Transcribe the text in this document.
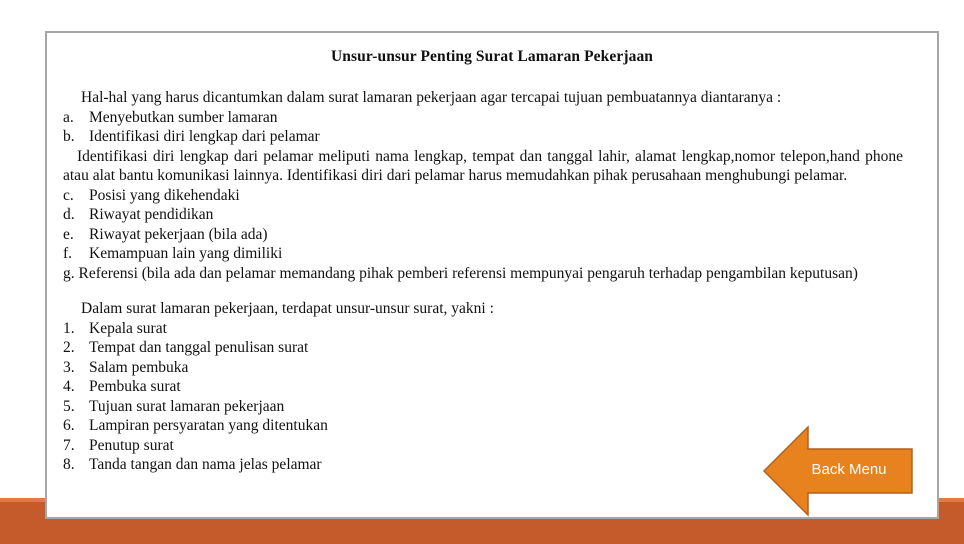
Unsur-unsur Penting Surat Lamaran Pekerjaan

Hal-hal yang harus dicantumkan dalam surat lamaran pekerjaan agar tercapai tujuan pembuatannya diantaranya :

a. Menyebutkan sumber lamaran
b. Identifikasi diri lengkap dari pelamar

Identifikasi diri lengkap dari pelamar meliputi nama lengkap, tempat dan tanggal lahir, alamat lengkap,nomor telepon,hand phone atau alat bantu komunikasi lainnya. Identifikasi diri dari pelamar harus memudahkan pihak perusahaan menghubungi pelamar.

c. Posisi yang dikehendaki
d. Riwayat pendidikan
e. Riwayat pekerjaan (bila ada)
f.	Kemampuan lain yang dimiliki

g. Referensi (bila ada dan pelamar memandang pihak pemberi referensi mempunyai pengaruh terhadap pengambilan keputusan)

Dalam surat lamaran pekerjaan, terdapat unsur-unsur surat, yakni :

1. Kepala surat
2. Tempat dan tanggal penulisan surat
3. Salam pembuka
4. Pembuka surat
5. Tujuan surat lamaran pekerjaan
6. Lampiran persyaratan yang ditentukan
7. Penutup surat
8. Tanda tangan dan nama jelas pelamar	Back Menu
